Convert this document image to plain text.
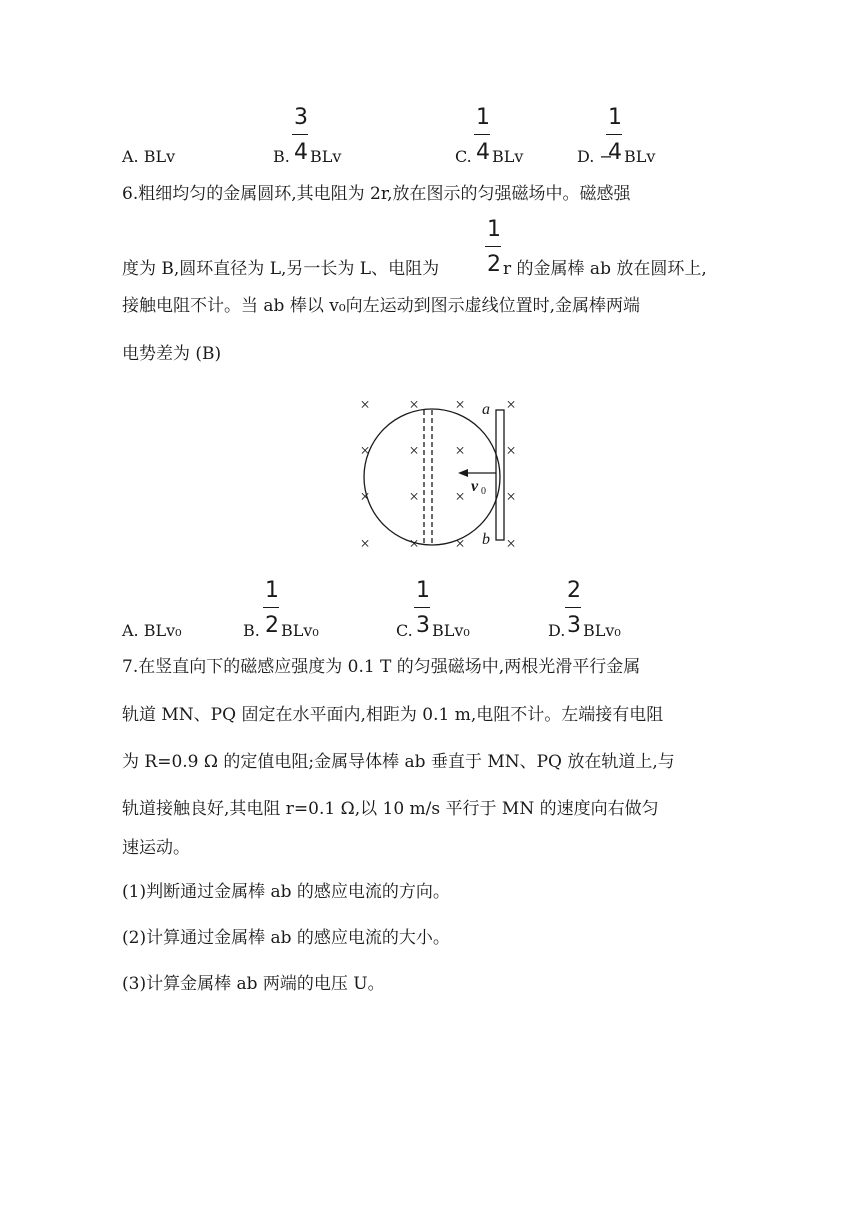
A. BLv	B.
3
4 BLv	C.
1
4 BLv	D. −
1
4 BLv
6.粗细均匀的金属圆环,其电阻为 2r,放在图示的匀强磁场中。磁感强
度为 B,圆环直径为 L,另一长为 L、电阻为
1
2 r 的金属棒 ab 放在圆环上,
接触电阻不计。当 ab 棒以 v₀向左运动到图示虚线位置时,金属棒两端
电势差为 (B)
× × × ×
× × × ×
× × × ×
× × × ×
a
b
v 0
A. BLv₀	B.
1
2 BLv₀	C.
1
3 BLv₀	D.
2
3 BLv₀
7.在竖直向下的磁感应强度为 0.1 T 的匀强磁场中,两根光滑平行金属
轨道 MN、PQ 固定在水平面内,相距为 0.1 m,电阻不计。左端接有电阻
为 R=0.9 Ω 的定值电阻;金属导体棒 ab 垂直于 MN、PQ 放在轨道上,与
轨道接触良好,其电阻 r=0.1 Ω,以 10 m/s 平行于 MN 的速度向右做匀
速运动。
(1)判断通过金属棒 ab 的感应电流的方向。
(2)计算通过金属棒 ab 的感应电流的大小。
(3)计算金属棒 ab 两端的电压 U。
